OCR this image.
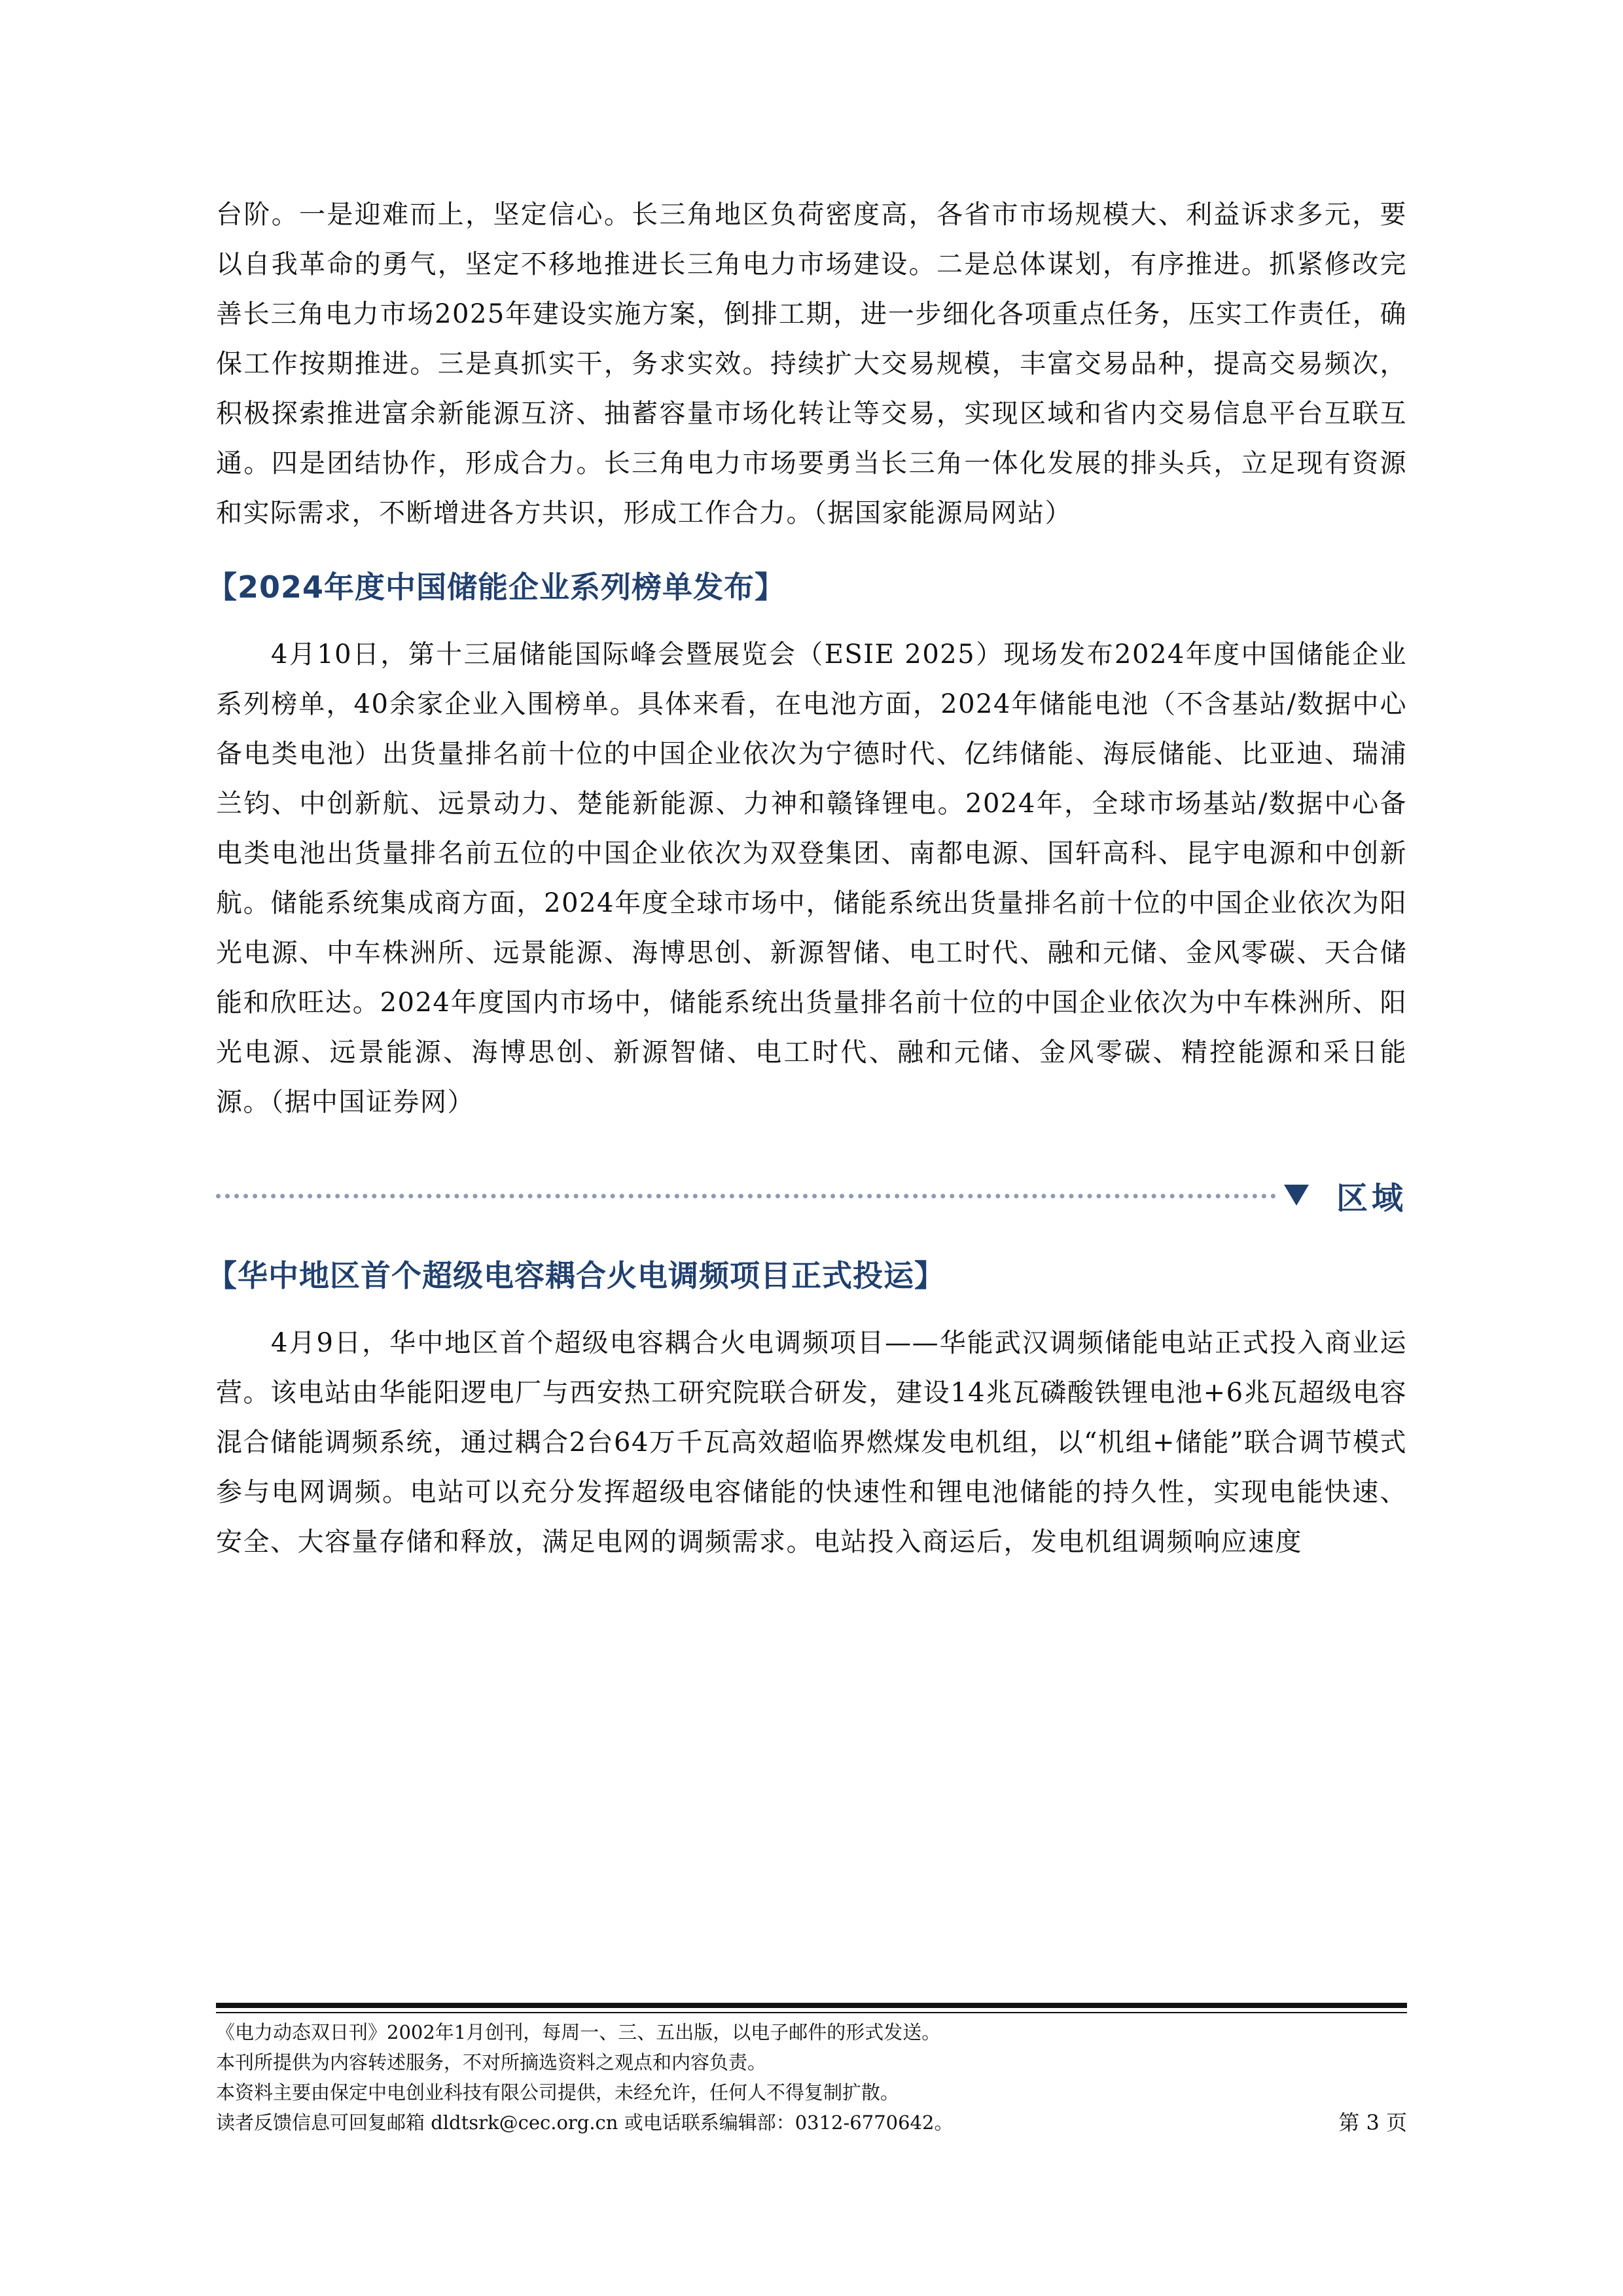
台阶。一是迎难而上，坚定信心。长三角地区负荷密度高，各省市市场规模大、利益诉求多元，要以自我革命的勇气，坚定不移地推进长三角电力市场建设。二是总体谋划，有序推进。抓紧修改完善长三角电力市场2025年建设实施方案，倒排工期，进一步细化各项重点任务，压实工作责任，确保工作按期推进。三是真抓实干，务求实效。持续扩大交易规模，丰富交易品种，提高交易频次，积极探索推进富余新能源互济、抽蓄容量市场化转让等交易，实现区域和省内交易信息平台互联互通。四是团结协作，形成合力。长三角电力市场要勇当长三角一体化发展的排头兵，立足现有资源和实际需求，不断增进各方共识，形成工作合力。（据国家能源局网站）

【2024年度中国储能企业系列榜单发布】

4月10日，第十三届储能国际峰会暨展览会（ESIE 2025）现场发布2024年度中国储能企业系列榜单，40余家企业入围榜单。具体来看，在电池方面，2024年储能电池（不含基站/数据中心备电类电池）出货量排名前十位的中国企业依次为宁德时代、亿纬储能、海辰储能、比亚迪、瑞浦兰钧、中创新航、远景动力、楚能新能源、力神和赣锋锂电。2024年，全球市场基站/数据中心备电类电池出货量排名前五位的中国企业依次为双登集团、南都电源、国轩高科、昆宇电源和中创新航。储能系统集成商方面，2024年度全球市场中，储能系统出货量排名前十位的中国企业依次为阳光电源、中车株洲所、远景能源、海博思创、新源智储、电工时代、融和元储、金风零碳、天合储能和欣旺达。2024年度国内市场中，储能系统出货量排名前十位的中国企业依次为中车株洲所、阳光电源、远景能源、海博思创、新源智储、电工时代、融和元储、金风零碳、精控能源和采日能源。（据中国证券网）

区域
【华中地区首个超级电容耦合火电调频项目正式投运】

4月9日，华中地区首个超级电容耦合火电调频项目——华能武汉调频储能电站正式投入商业运营。该电站由华能阳逻电厂与西安热工研究院联合研发，建设14兆瓦磷酸铁锂电池+6兆瓦超级电容混合储能调频系统，通过耦合2台64万千瓦高效超临界燃煤发电机组，以“机组+储能”联合调节模式参与电网调频。电站可以充分发挥超级电容储能的快速性和锂电池储能的持久性，实现电能快速、安全、大容量存储和释放，满足电网的调频需求。电站投入商运后，发电机组调频响应速度

《电力动态双日刊》2002年1月创刊，每周一、三、五出版，以电子邮件的形式发送。
本刊所提供为内容转述服务，不对所摘选资料之观点和内容负责。
本资料主要由保定中电创业科技有限公司提供，未经允许，任何人不得复制扩散。
读者反馈信息可回复邮箱 dldtsrk@cec.org.cn 或电话联系编辑部：0312-6770642。	第 3 页
